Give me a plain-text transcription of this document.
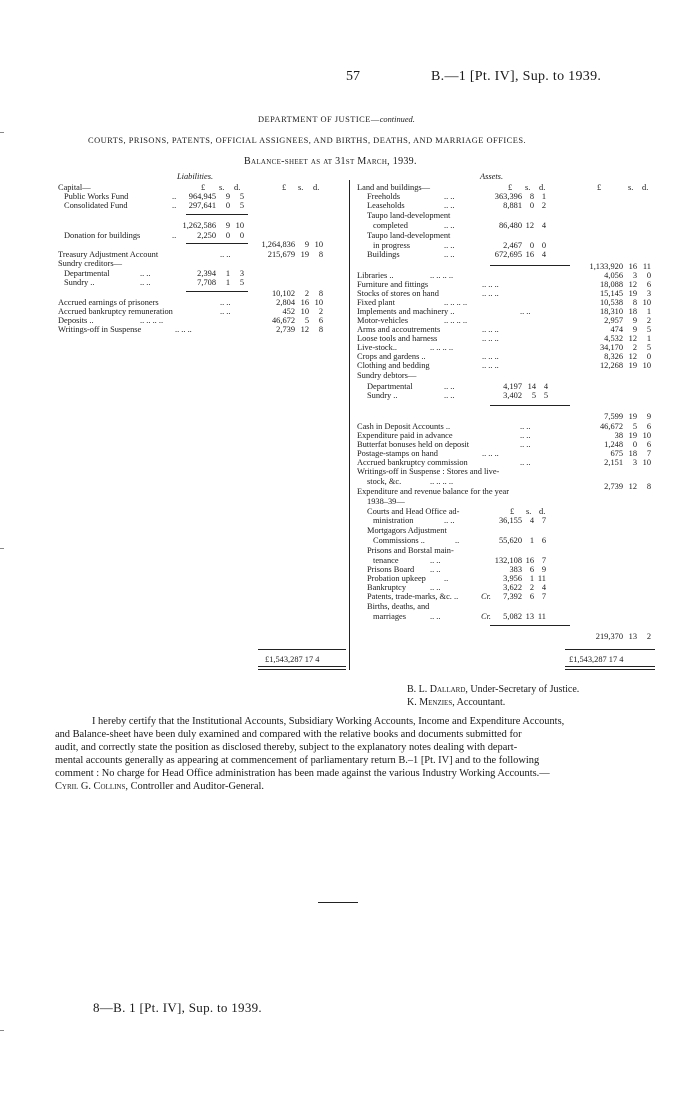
57	B.—1 [Pt. IV], Sup. to 1939.
DEPARTMENT OF JUSTICE—continued.
COURTS, PRISONS, PATENTS, OFFICIAL ASSIGNEES, AND BIRTHS, DEATHS, AND MARRIAGE OFFICES.
Balance-sheet as at 31st March, 1939.
Liabilities.
£ s. d.	£ s. d.
Capital—
Public Works Fund	..	964,945	9	5
Consolidated Fund	..	297,641	0	5
1,262,586	9 10
Donation for buildings	..	2,250	0	0
1,264,836	9 10
Treasury Adjustment Account	.. ..	215,679 19	8
Sundry creditors—
Departmental	.. ..	2,394	1	3
Sundry ..	.. ..	7,708	1	5
10,102	2	8
Accrued earnings of prisoners	.. ..	2,804 16 10
Accrued bankruptcy remuneration	.. ..	452 10	2
Deposits ..	.. .. .. ..	46,672	5	6
Writings-off in Suspense	.. .. ..	2,739 12	8
£1,543,287 17 4
Assets.
£ s. d.	£	s. d.
Land and buildings—
Freeholds	.. ..	363,396 8 1
Leaseholds	.. ..	8,881 0 2
Taupo land-development
completed	.. ..	86,480 12 4
Taupo land-development
in progress	.. ..	2,467 0 0
Buildings	.. ..	672,695 16 4
1,133,920 16 11
Libraries ..	.. .. .. ..	4,056	3	0
Furniture and fittings	.. .. ..	18,088 12	6
Stocks of stores on hand	.. .. ..	15,145 19	3
Fixed plant	.. .. .. ..	10,538	8 10
Implements and machinery ..	.. ..	18,310 18	1
Motor-vehicles	.. .. .. ..	2,957	9	2
Arms and accoutrements	.. .. ..	474	9	5
Loose tools and harness	.. .. ..	4,532 12	1
Live-stock..	.. .. .. ..	34,170	2	5
Crops and gardens ..	.. .. ..	8,326 12	0
Clothing and bedding	.. .. ..	12,268 19 10
Sundry debtors—
Departmental	.. ..	4,197 14 4
Sundry ..	.. ..	3,402	5 5
7,599 19	9
Cash in Deposit Accounts ..	.. ..	46,672	5	6
Expenditure paid in advance	.. ..	38 19 10
Butterfat bonuses held on deposit	.. ..	1,248	0	6
Postage-stamps on hand	.. .. ..	675 18	7
Accrued bankruptcy commission	.. ..	2,151	3 10
Writings-off in Suspense : Stores and live-
stock, &c.	.. .. .. ..
2,739 12	8
Expenditure and revenue balance for the year
1938–39—
£ s. d.
Courts and Head Office ad-
ministration	.. ..	36,155 4 7
Mortgagors Adjustment
Commissions ..	..	55,620 1 6
Prisons and Borstal main-
tenance	.. ..	132,108 16 7
Prisons Board .. ..	383 6 9
Probation upkeep ..	3,956 1 11
Bankruptcy	.. ..	3,622 2 4
Patents, trade-marks, &c. ..	Cr.	7,392 6 7
Births, deaths, and
marriages	.. ..	Cr.	5,082 13 11
219,370 13	2
£1,543,287 17 4
B. L. Dallard, Under-Secretary of Justice.
K. Menzies, Accountant.
I hereby certify that the Institutional Accounts, Subsidiary Working Accounts, Income and Expenditure Accounts,
and Balance-sheet have been duly examined and compared with the relative books and documents submitted for
audit, and correctly state the position as disclosed thereby, subject to the explanatory notes dealing with depart-
mental accounts generally as appearing at commencement of parliamentary return B.–1 [Pt. IV] and to the following
comment : No charge for Head Office administration has been made against the various Industry Working Accounts.—
Cyril G. Collins, Controller and Auditor-General.
8—B. 1 [Pt. IV], Sup. to 1939.
